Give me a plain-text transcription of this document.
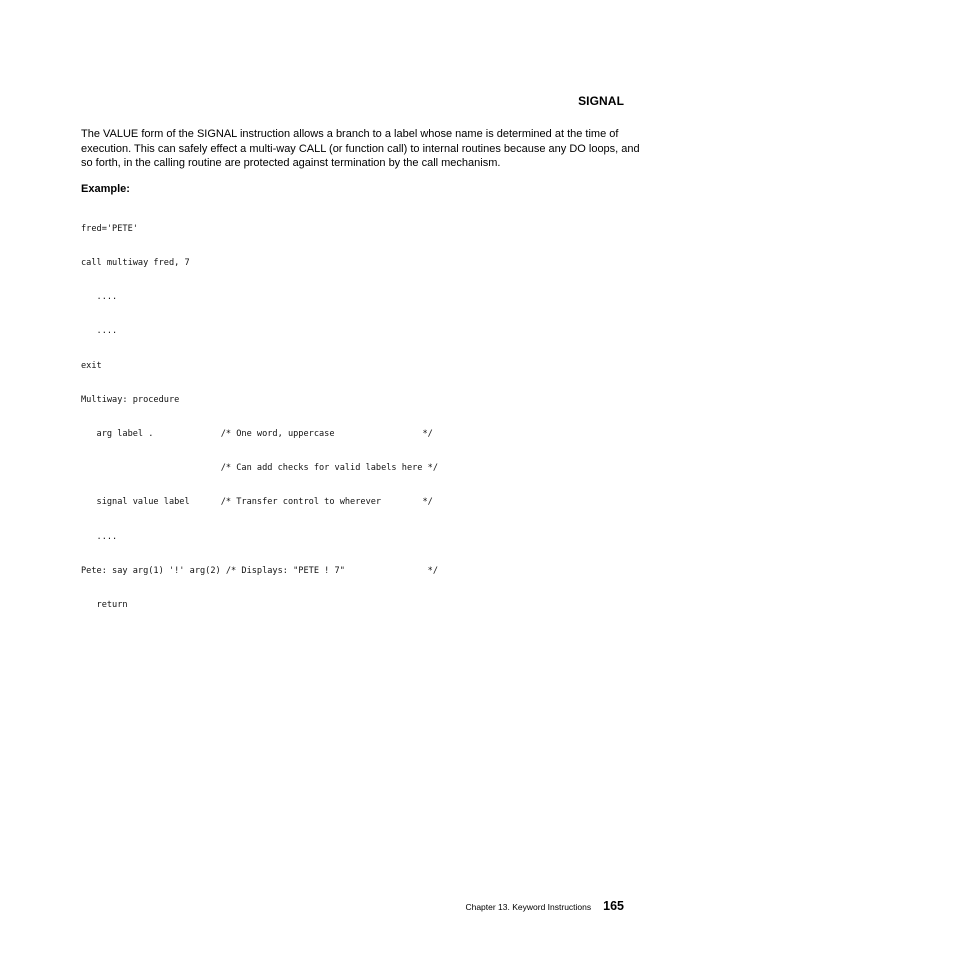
SIGNAL

The VALUE form of the SIGNAL instruction allows a branch to a label whose name is determined at the time of execution. This can safely effect a multi-way CALL (or function call) to internal routines because any DO loops, and so forth, in the calling routine are protected against termination by the call mechanism.

Example:

fred='PETE'

call multiway fred, 7

....

....

exit

Multiway: procedure

arg label .             /* One word, uppercase                 */

/* Can add checks for valid labels here */

signal value label      /* Transfer control to wherever        */

....

Pete: say arg(1) '!' arg(2) /* Displays: "PETE ! 7"                */

return

Chapter 13. Keyword Instructions 165
